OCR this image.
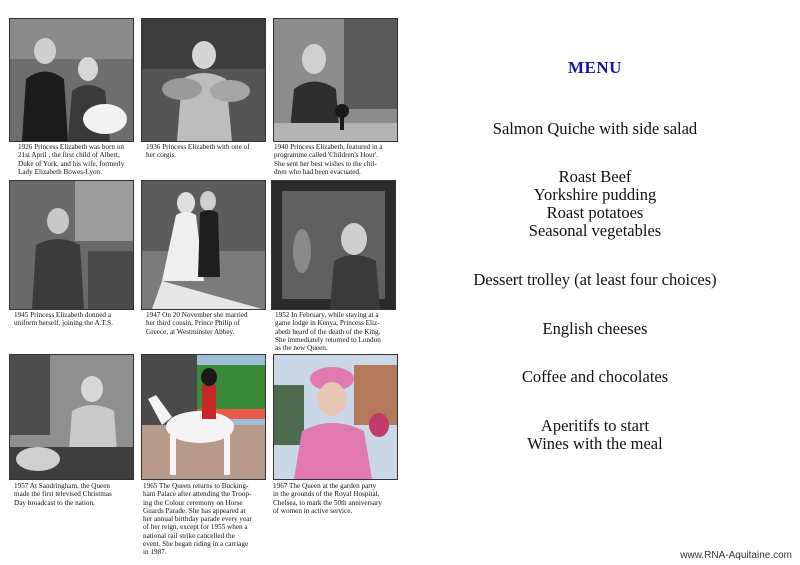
1926 Princess Elizabeth was born on
21st April , the first child of Albert,
Duke of York, and his wife, formerly
Lady Elizabeth Bowes-Lyon.
1936 Princess Elizabeth with one of
her corgis.
1940 Princess Elizabeth, featured in a
programme called 'Children's Hour'.
She sent her best wishes to the chil-
dren who had been evacuated.
1945 Princess Elizabeth donned a
uniform herself, joining the A.T.S.
1947 On 20 November she married
her third cousin, Prince Philip of
Greece, at Westminster Abbey.
1952 In February, while staying at a
game lodge in Kenya, Princess Eliz-
abeth heard of the death of the King.
She immediately returned to London
as the new Queen.
1957 At Sandringham, the Queen
made the first televised Christmas
Day broadcast to the nation.
1965 The Queen returns to Bucking-
ham Palace after attending the Troop-
ing the Colour ceremony on Horse
Guards Parade. She has appeared at
her annual birthday parade every year
of her reign, except for 1955 when a
national rail strike cancelled the
event. She began riding in a carriage
in 1987.
1967 The Queen at the garden party
in the grounds of the Royal Hospital,
Chelsea, to mark the 50th anniversary
of women in active service.
MENU
Salmon Quiche with side salad
Roast Beef
Yorkshire pudding
Roast potatoes
Seasonal vegetables
Dessert trolley (at least four choices)
English cheeses
Coffee and chocolates
Aperitifs to start
Wines with the meal
www.RNA-Aquitaine.com
